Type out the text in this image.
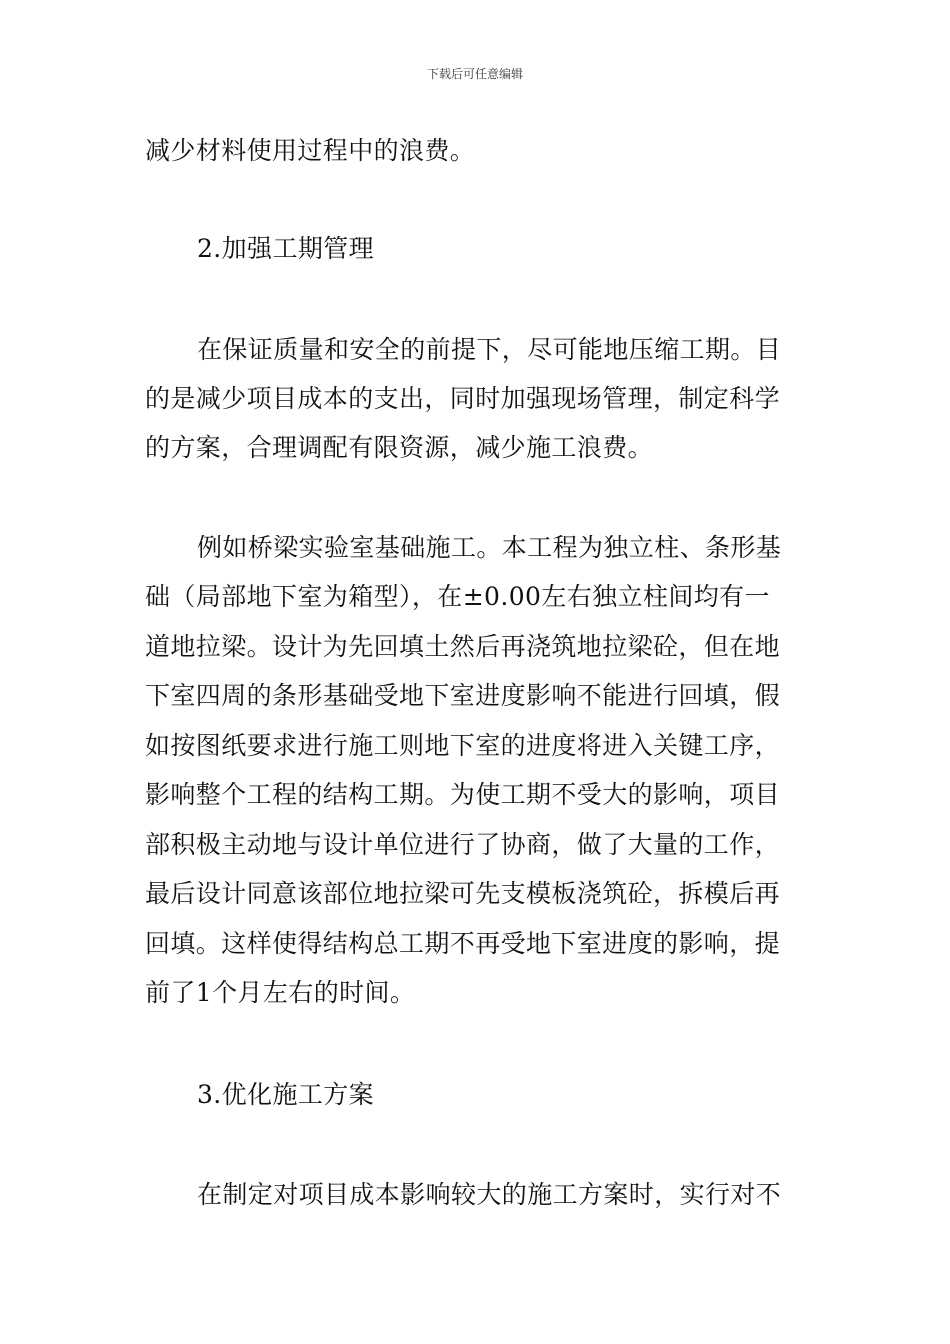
下载后可任意编辑
减少材料使用过程中的浪费。
2.加强工期管理
在保证质量和安全的前提下，尽可能地压缩工期。目
的是减少项目成本的支出，同时加强现场管理，制定科学
的方案，合理调配有限资源，减少施工浪费。
例如桥梁实验室基础施工。本工程为独立柱、条形基
础（局部地下室为箱型），在±0.00左右独立柱间均有一
道地拉梁。设计为先回填土然后再浇筑地拉梁砼，但在地
下室四周的条形基础受地下室进度影响不能进行回填，假
如按图纸要求进行施工则地下室的进度将进入关键工序，
影响整个工程的结构工期。为使工期不受大的影响，项目
部积极主动地与设计单位进行了协商，做了大量的工作，
最后设计同意该部位地拉梁可先支模板浇筑砼，拆模后再
回填。这样使得结构总工期不再受地下室进度的影响，提
前了1个月左右的时间。
3.优化施工方案
在制定对项目成本影响较大的施工方案时，实行对不
